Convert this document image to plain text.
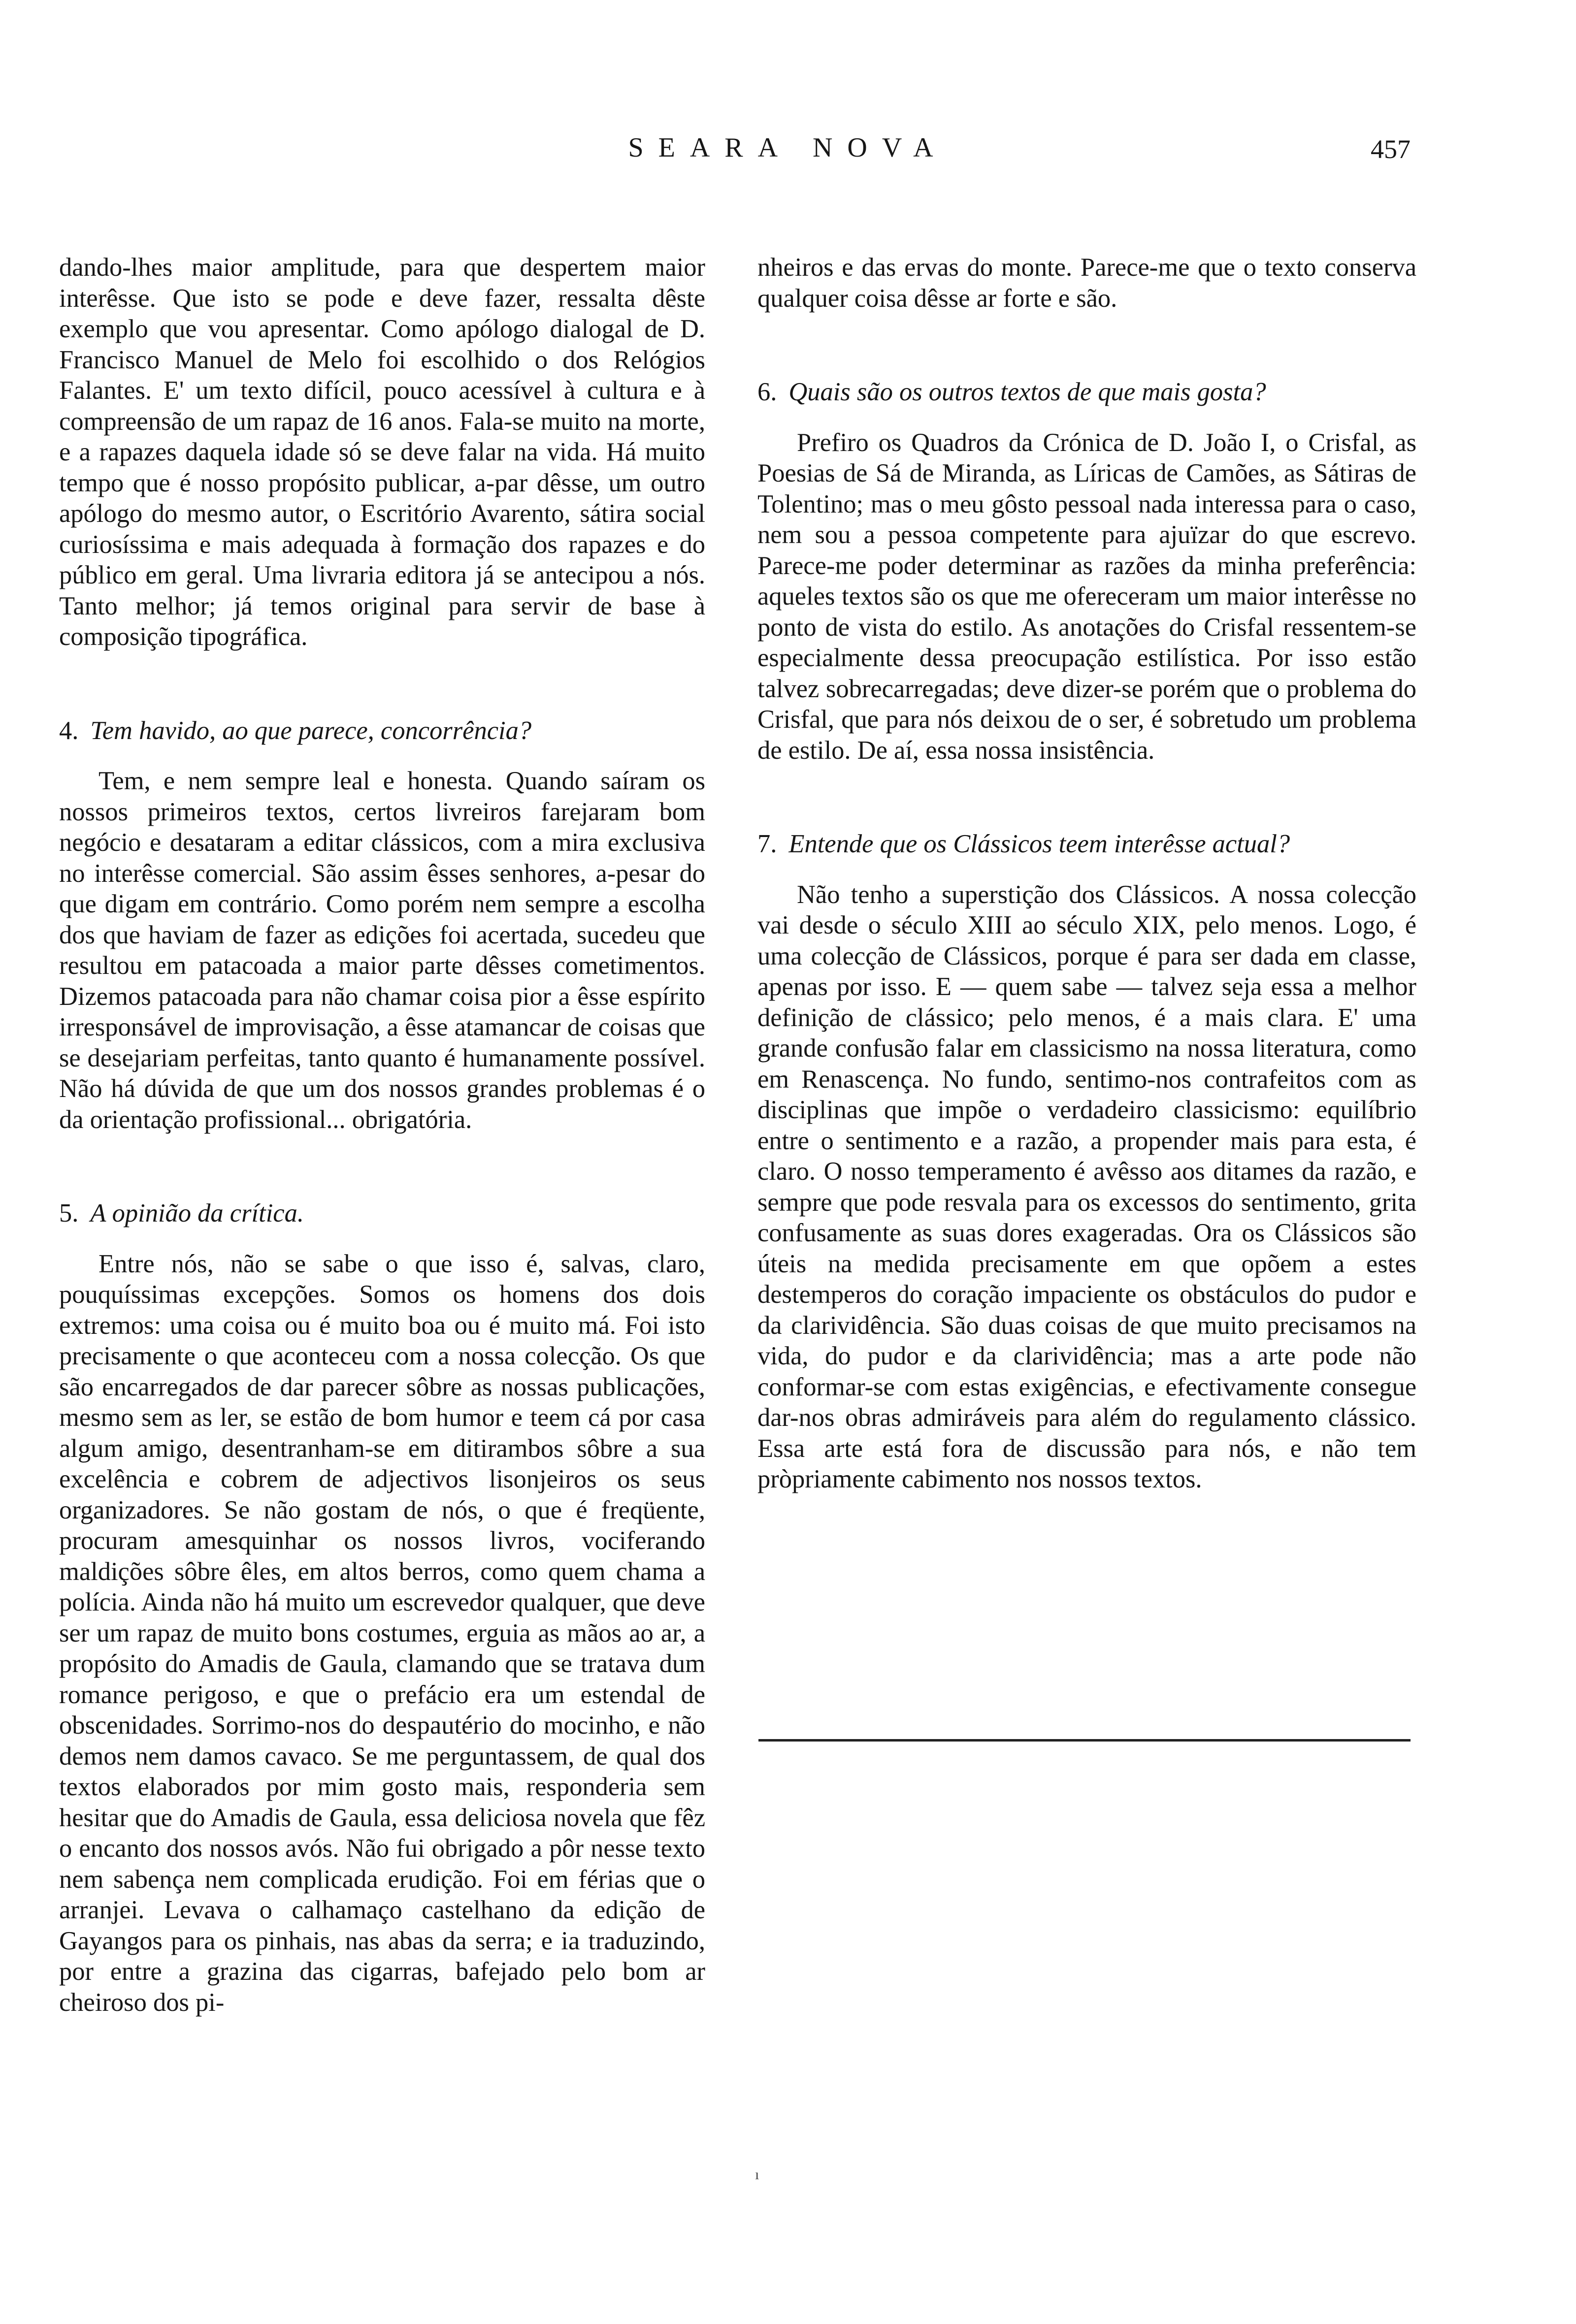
SEARA NOVA	457

dando-lhes maior amplitude, para que despertem maior interêsse. Que isto se pode e deve fazer, ressalta dêste exemplo que vou apresentar. Como apólogo dialogal de D. Francisco Manuel de Melo foi escolhido o dos Relógios Falantes. E' um texto difícil, pouco acessível à cultura e à compreensão de um rapaz de 16 anos. Fala-se muito na morte, e a rapazes daquela idade só se deve falar na vida. Há muito tempo que é nosso propósito publicar, a-par dêsse, um outro apólogo do mesmo autor, o Escritório Avarento, sátira social curiosíssima e mais adequada à formação dos rapazes e do público em geral. Uma livraria editora já se antecipou a nós. Tanto melhor; já temos original para servir de base à composição tipográfica.

4. Tem havido, ao que parece, concorrência?

Tem, e nem sempre leal e honesta. Quando saíram os nossos primeiros textos, certos livreiros farejaram bom negócio e desataram a editar clássicos, com a mira exclusiva no interêsse comercial. São assim êsses senhores, a-pesar do que digam em contrário. Como porém nem sempre a escolha dos que haviam de fazer as edições foi acertada, sucedeu que resultou em patacoada a maior parte dêsses cometimentos. Dizemos patacoada para não chamar coisa pior a êsse espírito irresponsável de improvisação, a êsse atamancar de coisas que se desejariam perfeitas, tanto quanto é humanamente possível. Não há dúvida de que um dos nossos grandes problemas é o da orientação profissional... obrigatória.

5. A opinião da crítica.

Entre nós, não se sabe o que isso é, salvas, claro, pouquíssimas excepções. Somos os homens dos dois extremos: uma coisa ou é muito boa ou é muito má. Foi isto precisamente o que aconteceu com a nossa colecção. Os que são encarregados de dar parecer sôbre as nossas publicações, mesmo sem as ler, se estão de bom humor e teem cá por casa algum amigo, desentranham-se em ditirambos sôbre a sua excelência e cobrem de adjectivos lisonjeiros os seus organizadores. Se não gostam de nós, o que é freqüente, procuram amesquinhar os nossos livros, vociferando maldições sôbre êles, em altos berros, como quem chama a polícia. Ainda não há muito um escrevedor qualquer, que deve ser um rapaz de muito bons costumes, erguia as mãos ao ar, a propósito do Amadis de Gaula, clamando que se tratava dum romance perigoso, e que o prefácio era um estendal de obscenidades. Sorrimo-nos do despautério do mocinho, e não demos nem damos cavaco. Se me perguntassem, de qual dos textos elaborados por mim gosto mais, responderia sem hesitar que do Amadis de Gaula, essa deliciosa novela que fêz o encanto dos nossos avós. Não fui obrigado a pôr nesse texto nem sabença nem complicada erudição. Foi em férias que o arranjei. Levava o calhamaço castelhano da edição de Gayangos para os pinhais, nas abas da serra; e ia traduzindo, por entre a grazina das cigarras, bafejado pelo bom ar cheiroso dos pi-

nheiros e das ervas do monte. Parece-me que o texto conserva qualquer coisa dêsse ar forte e são.

6. Quais são os outros textos de que mais gosta?

Prefiro os Quadros da Crónica de D. João I, o Crisfal, as Poesias de Sá de Miranda, as Líricas de Camões, as Sátiras de Tolentino; mas o meu gôsto pessoal nada interessa para o caso, nem sou a pessoa competente para ajuïzar do que escrevo. Parece-me poder determinar as razões da minha preferência: aqueles textos são os que me ofereceram um maior interêsse no ponto de vista do estilo. As anotações do Crisfal ressentem-se especialmente dessa preocupação estilística. Por isso estão talvez sobrecarregadas; deve dizer-se porém que o problema do Crisfal, que para nós deixou de o ser, é sobretudo um problema de estilo. De aí, essa nossa insistência.

7. Entende que os Clássicos teem interêsse actual?

Não tenho a superstição dos Clássicos. A nossa colecção vai desde o século XIII ao século XIX, pelo menos. Logo, é uma colecção de Clássicos, porque é para ser dada em classe, apenas por isso. E — quem sabe — talvez seja essa a melhor definição de clássico; pelo menos, é a mais clara. E' uma grande confusão falar em classicismo na nossa literatura, como em Renascença. No fundo, sentimo-nos contrafeitos com as disciplinas que impõe o verdadeiro classicismo: equilíbrio entre o sentimento e a razão, a propender mais para esta, é claro. O nosso temperamento é avêsso aos ditames da razão, e sempre que pode resvala para os excessos do sentimento, grita confusamente as suas dores exageradas. Ora os Clássicos são úteis na medida precisamente em que opõem a estes destemperos do coração impaciente os obstáculos do pudor e da clarividência. São duas coisas de que muito precisamos na vida, do pudor e da clarividência; mas a arte pode não conformar-se com estas exigências, e efectivamente consegue dar-nos obras admiráveis para além do regulamento clássico. Essa arte está fora de discussão para nós, e não tem pròpriamente cabimento nos nossos textos.

ı
